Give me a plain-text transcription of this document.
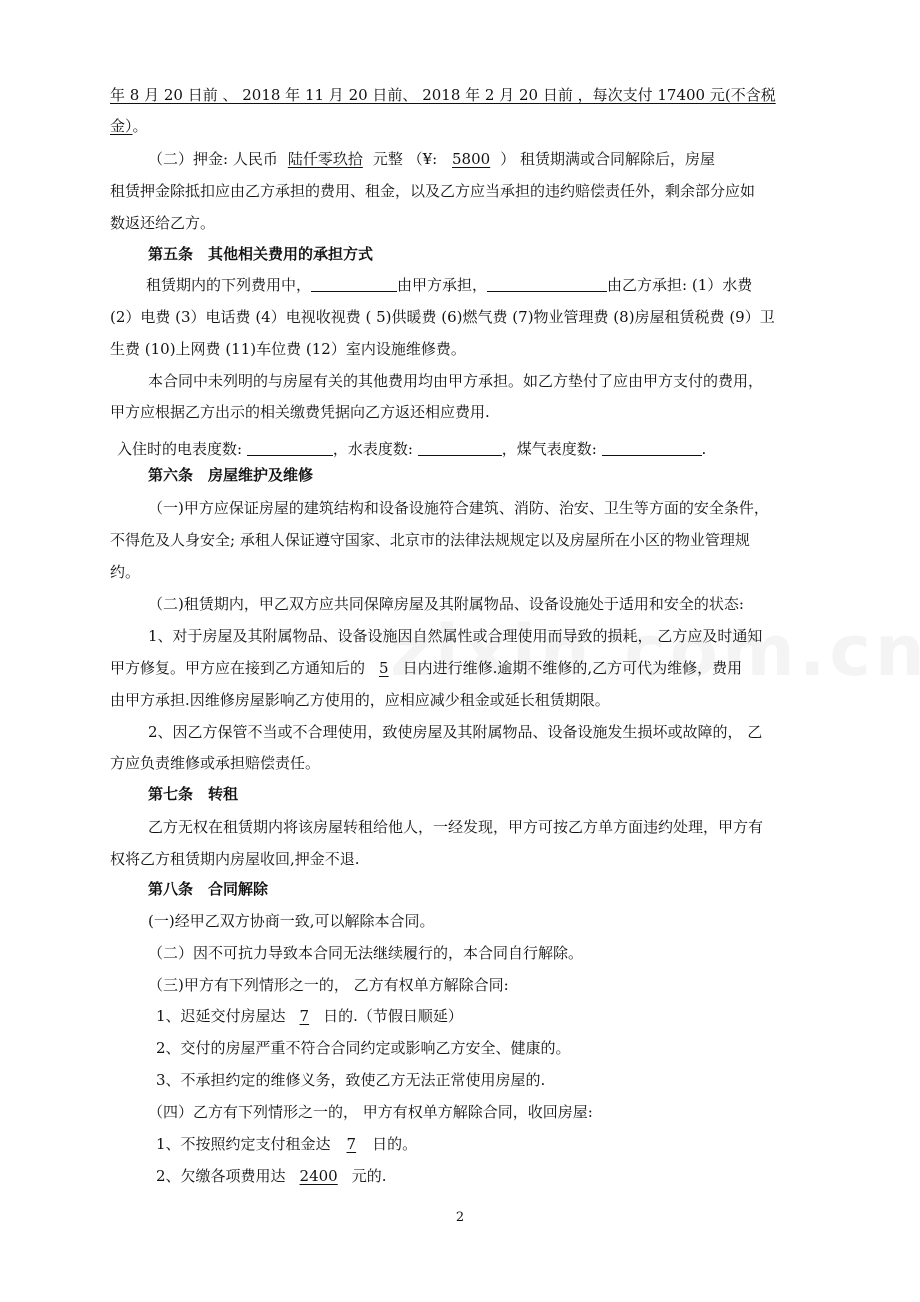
年 8 月 20 日前 、 2018 年 11 月 20 日前、 2018 年 2 月 20 日前 ，每次支付 17400 元(不含税
金）。
（二）押金: 人民币 陆仟零玖拾 元整 （¥: 5800 ） 租赁期满或合同解除后，房屋
租赁押金除抵扣应由乙方承担的费用、租金，以及乙方应当承担的违约赔偿责任外，剩余部分应如
数返还给乙方。
第五条　其他相关费用的承担方式
租赁期内的下列费用中，	由甲方承担，	由乙方承担: (1）水费
(2）电费 (3）电话费 (4）电视收视费 ( 5)供暖费 (6)燃气费 (7)物业管理费 (8)房屋租赁税费 (9）卫
生费 (10)上网费 (11)车位费 (12）室内设施维修费。
本合同中未列明的与房屋有关的其他费用均由甲方承担。如乙方垫付了应由甲方支付的费用，
甲方应根据乙方出示的相关缴费凭据向乙方返还相应费用.
入住时的电表度数:	，水表度数:	，煤气表度数:	.
第六条　房屋维护及维修
（一)甲方应保证房屋的建筑结构和设备设施符合建筑、消防、治安、卫生等方面的安全条件，
不得危及人身安全; 承租人保证遵守国家、北京市的法律法规规定以及房屋所在小区的物业管理规
约。
（二)租赁期内，甲乙双方应共同保障房屋及其附属物品、设备设施处于适用和安全的状态:
1、对于房屋及其附属物品、设备设施因自然属性或合理使用而导致的损耗， 乙方应及时通知
甲方修复。甲方应在接到乙方通知后的 5 日内进行维修.逾期不维修的,乙方可代为维修，费用
由甲方承担.因维修房屋影响乙方使用的，应相应减少租金或延长租赁期限。
2、因乙方保管不当或不合理使用，致使房屋及其附属物品、设备设施发生损坏或故障的， 乙
方应负责维修或承担赔偿责任。
第七条　转租
乙方无权在租赁期内将该房屋转租给他人，一经发现，甲方可按乙方单方面违约处理，甲方有
权将乙方租赁期内房屋收回,押金不退.
第八条　合同解除
(一)经甲乙双方协商一致,可以解除本合同。
（二）因不可抗力导致本合同无法继续履行的，本合同自行解除。
（三)甲方有下列情形之一的， 乙方有权单方解除合同:
1、迟延交付房屋达 7 日的.（节假日顺延）
2、交付的房屋严重不符合合同约定或影响乙方安全、健康的。
3、不承担约定的维修义务，致使乙方无法正常使用房屋的.
（四）乙方有下列情形之一的， 甲方有权单方解除合同，收回房屋:
1、不按照约定支付租金达 7 日的。
2、欠缴各项费用达 2400 元的.
2
